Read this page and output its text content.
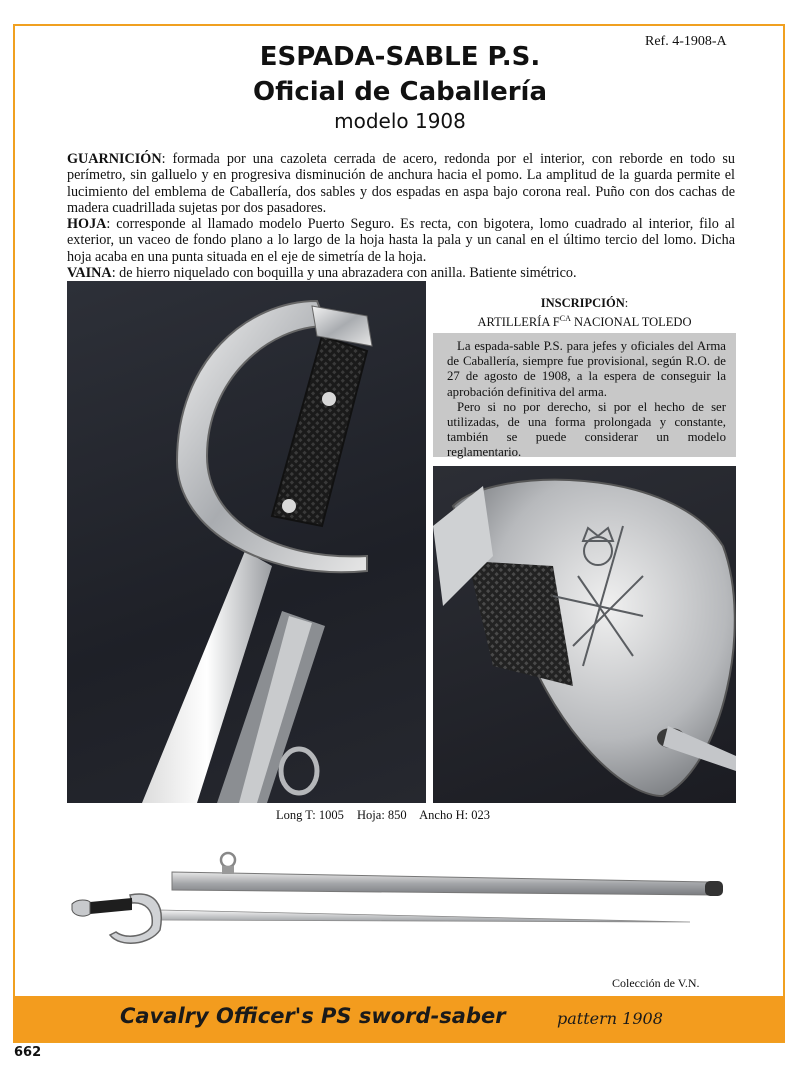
Ref. 4-1908-A
ESPADA-SABLE P.S.
Oficial de Caballería
modelo 1908

GUARNICIÓN: formada por una cazoleta cerrada de acero, redonda por el interior, con reborde en todo su perímetro, sin galluelo y en progresiva disminución de anchura hacia el pomo. La amplitud de la guarda permite el lucimiento del emblema de Caballería, dos sables y dos espadas en aspa bajo corona real. Puño con dos cachas de madera cuadrillada sujetas por dos pasadores.

HOJA: corresponde al llamado modelo Puerto Seguro. Es recta, con bigotera, lomo cuadrado al interior, filo al exterior, un vaceo de fondo plano a lo largo de la hoja hasta la pala y un canal en el último tercio del lomo. Dicha hoja acaba en una punta situada en el eje de simetría de la hoja.

VAINA: de hierro niquelado con boquilla y una abrazadera con anilla. Batiente simétrico.

INSCRIPCIÓN:
ARTILLERÍA $F^{CA}$ NACIONAL TOLEDO

La espada-sable P.S. para jefes y oficiales del Arma de Caballería, siempre fue provisional, según R.O. de 27 de agosto de 1908, a la espera de conseguir la aprobación definitiva del arma.

Pero si no por derecho, si por el hecho de ser utilizadas, de una forma prolongada y constante, también se puede considerar un modelo reglamentario.

Long T: 1005 Hoja: 850 Ancho H: 023
Colección de V.N.
Cavalry Officer's PS sword-saber	pattern 1908
662
